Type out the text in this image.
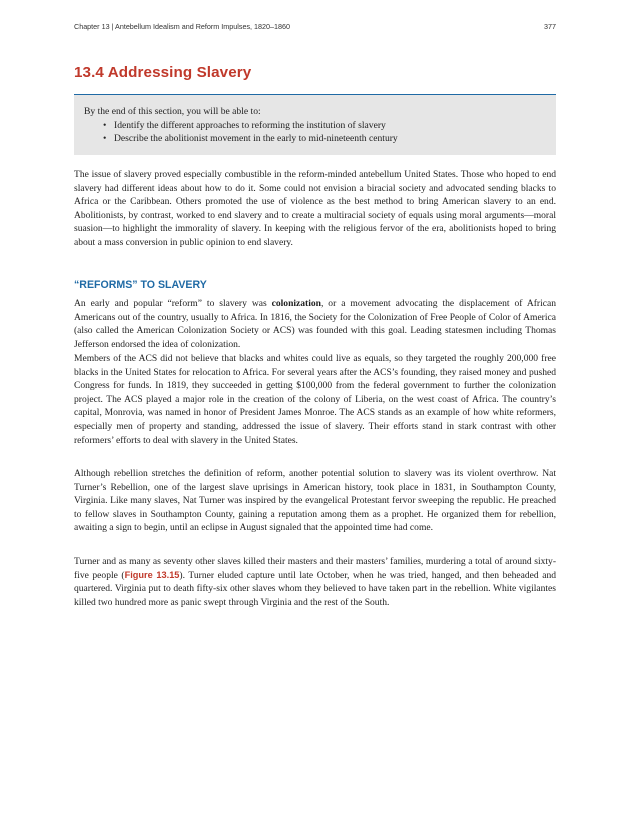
Chapter 13 | Antebellum Idealism and Reform Impulses, 1820–1860	377
13.4 Addressing Slavery

By the end of this section, you will be able to:

• Identify the different approaches to reforming the institution of slavery
• Describe the abolitionist movement in the early to mid-nineteenth century

The issue of slavery proved especially combustible in the reform-minded antebellum United States. Those who hoped to end slavery had different ideas about how to do it. Some could not envision a biracial society and advocated sending blacks to Africa or the Caribbean. Others promoted the use of violence as the best method to bring American slavery to an end. Abolitionists, by contrast, worked to end slavery and to create a multiracial society of equals using moral arguments—moral suasion—to highlight the immorality of slavery. In keeping with the religious fervor of the era, abolitionists hoped to bring about a mass conversion in public opinion to end slavery.

“REFORMS” TO SLAVERY

An early and popular “reform” to slavery was colonization, or a movement advocating the displacement of African Americans out of the country, usually to Africa. In 1816, the Society for the Colonization of Free People of Color of America (also called the American Colonization Society or ACS) was founded with this goal. Leading statesmen including Thomas Jefferson endorsed the idea of colonization.

Members of the ACS did not believe that blacks and whites could live as equals, so they targeted the roughly 200,000 free blacks in the United States for relocation to Africa. For several years after the ACS’s founding, they raised money and pushed Congress for funds. In 1819, they succeeded in getting $100,000 from the federal government to further the colonization project. The ACS played a major role in the creation of the colony of Liberia, on the west coast of Africa. The country’s capital, Monrovia, was named in honor of President James Monroe. The ACS stands as an example of how white reformers, especially men of property and standing, addressed the issue of slavery. Their efforts stand in stark contrast with other reformers’ efforts to deal with slavery in the United States.

Although rebellion stretches the definition of reform, another potential solution to slavery was its violent overthrow. Nat Turner’s Rebellion, one of the largest slave uprisings in American history, took place in 1831, in Southampton County, Virginia. Like many slaves, Nat Turner was inspired by the evangelical Protestant fervor sweeping the republic. He preached to fellow slaves in Southampton County, gaining a reputation among them as a prophet. He organized them for rebellion, awaiting a sign to begin, until an eclipse in August signaled that the appointed time had come.

Turner and as many as seventy other slaves killed their masters and their masters’ families, murdering a total of around sixty-five people (Figure 13.15). Turner eluded capture until late October, when he was tried, hanged, and then beheaded and quartered. Virginia put to death fifty-six other slaves whom they believed to have taken part in the rebellion. White vigilantes killed two hundred more as panic swept through Virginia and the rest of the South.
